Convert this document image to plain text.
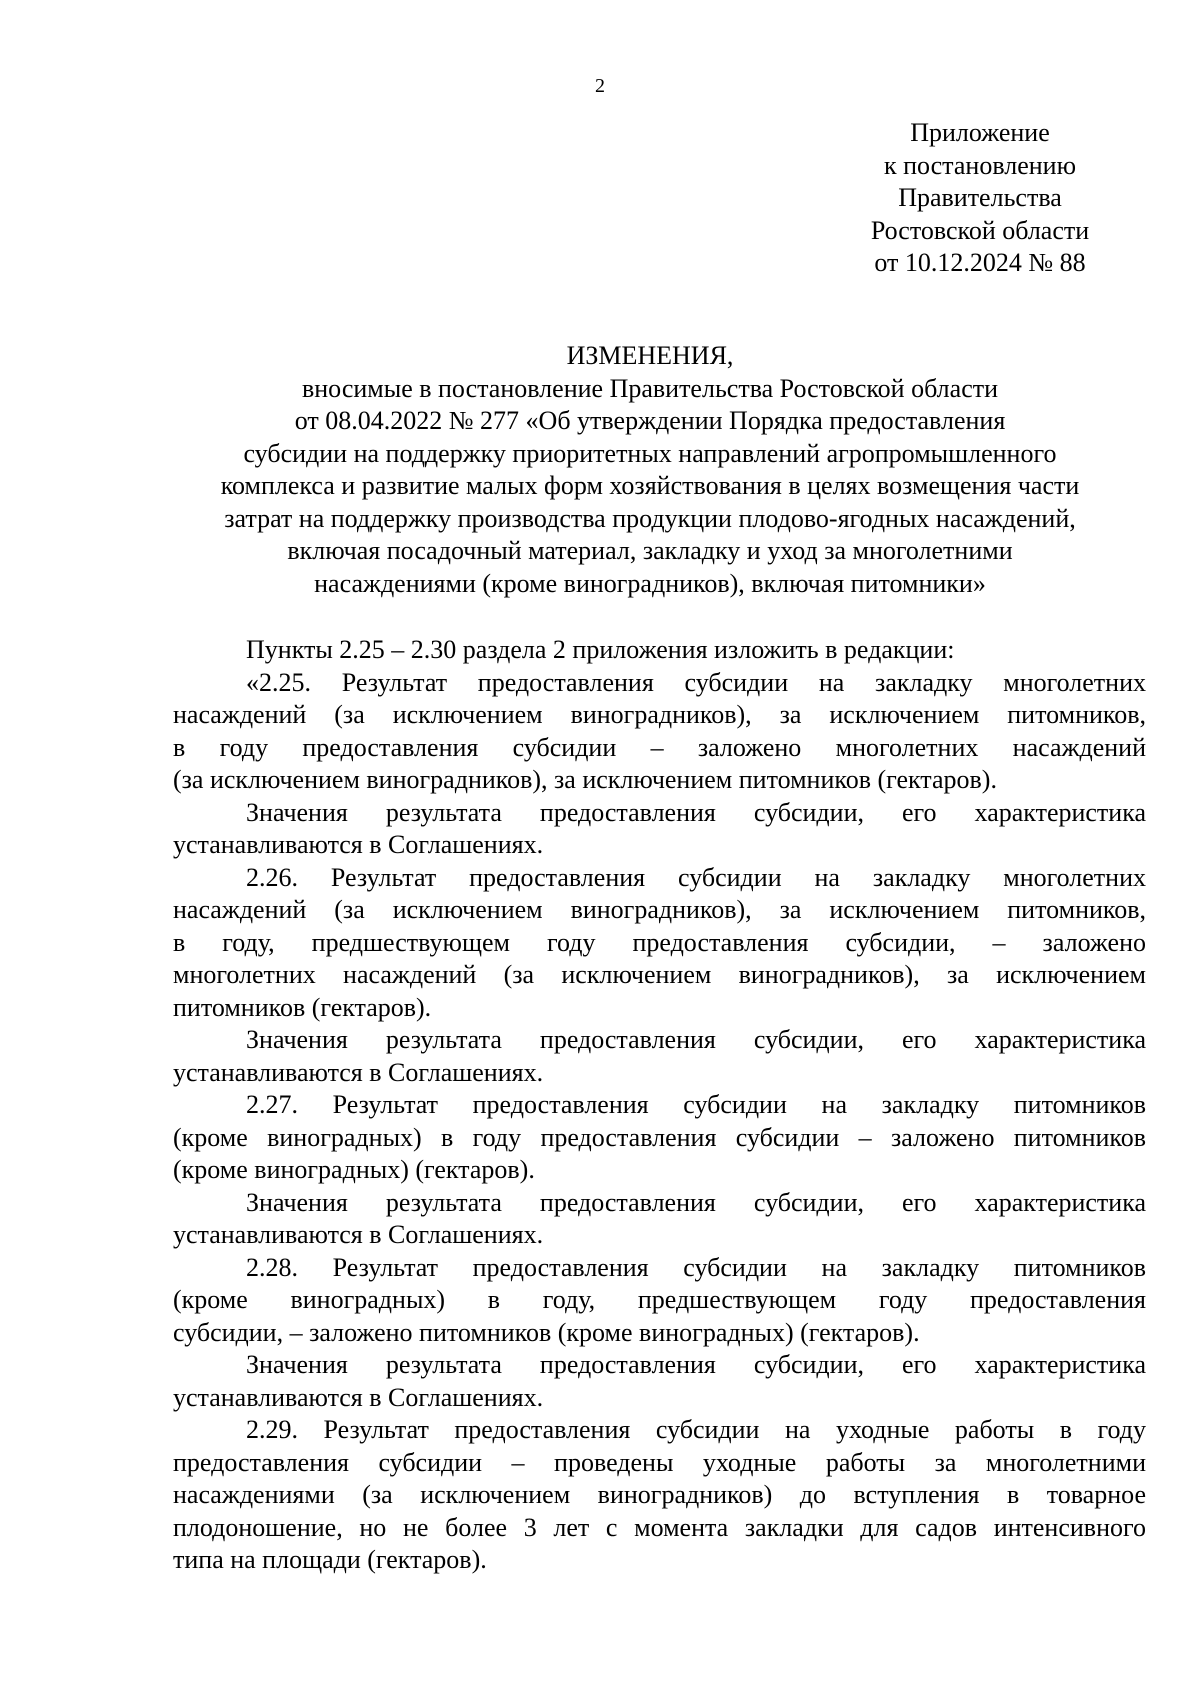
2
Приложение
к постановлению
Правительства
Ростовской области
от 10.12.2024 № 88
ИЗМЕНЕНИЯ,
вносимые в постановление Правительства Ростовской области
от 08.04.2022 № 277 «Об утверждении Порядка предоставления
субсидии на поддержку приоритетных направлений агропромышленного
комплекса и развитие малых форм хозяйствования в целях возмещения части
затрат на поддержку производства продукции плодово-ягодных насаждений,
включая посадочный материал, закладку и уход за многолетними
насаждениями (кроме виноградников), включая питомники»
Пункты 2.25 – 2.30 раздела 2 приложения изложить в редакции:
«2.25. Результат предоставления субсидии на закладку многолетних
насаждений (за исключением виноградников), за исключением питомников,
в году предоставления субсидии – заложено многолетних насаждений
(за исключением виноградников), за исключением питомников (гектаров).
Значения результата предоставления субсидии, его характеристика
устанавливаются в Соглашениях.
2.26. Результат предоставления субсидии на закладку многолетних
насаждений (за исключением виноградников), за исключением питомников,
в году, предшествующем году предоставления субсидии, – заложено
многолетних насаждений (за исключением виноградников), за исключением
питомников (гектаров).
Значения результата предоставления субсидии, его характеристика
устанавливаются в Соглашениях.
2.27. Результат предоставления субсидии на закладку питомников
(кроме виноградных) в году предоставления субсидии – заложено питомников
(кроме виноградных) (гектаров).
Значения результата предоставления субсидии, его характеристика
устанавливаются в Соглашениях.
2.28. Результат предоставления субсидии на закладку питомников
(кроме виноградных) в году, предшествующем году предоставления
субсидии, – заложено питомников (кроме виноградных) (гектаров).
Значения результата предоставления субсидии, его характеристика
устанавливаются в Соглашениях.
2.29. Результат предоставления субсидии на уходные работы в году
предоставления субсидии – проведены уходные работы за многолетними
насаждениями (за исключением виноградников) до вступления в товарное
плодоношение, но не более 3 лет с момента закладки для садов интенсивного
типа на площади (гектаров).
